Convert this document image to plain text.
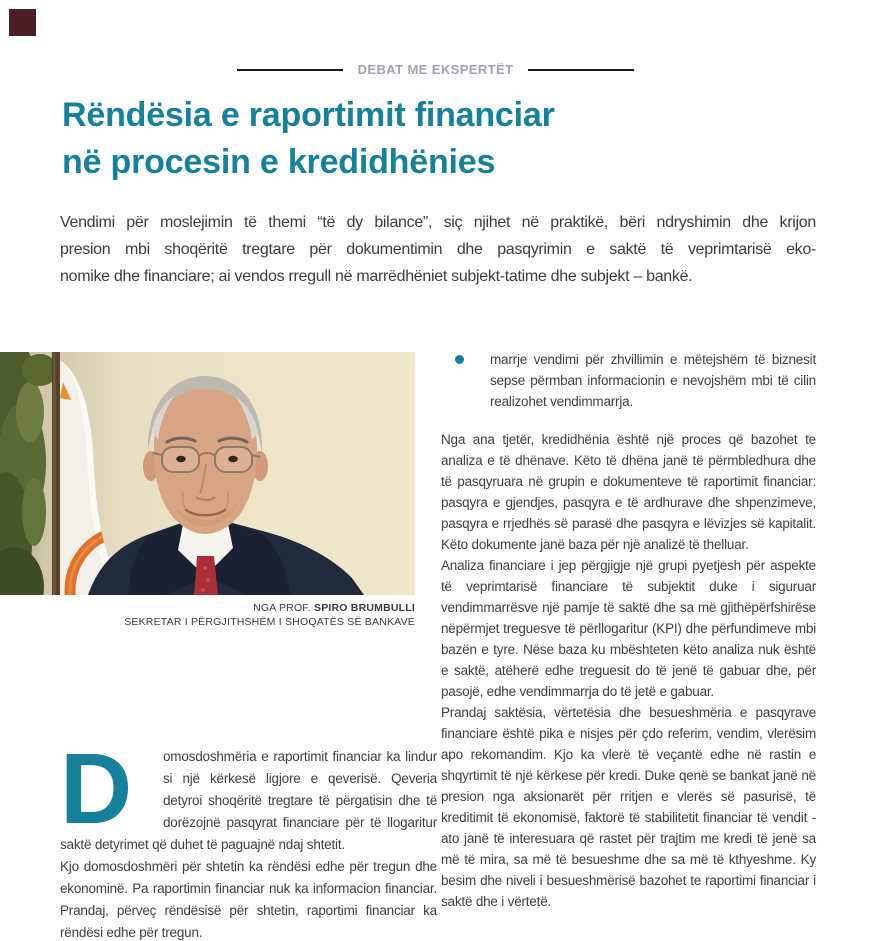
DEBAT ME EKSPERTËT
Rëndësia e raportimit financiar
në procesin e kredidhënies
Vendimi për moslejimin të themi “të dy bilance”, siç njihet në praktikë, bëri ndryshimin dhe krijon
presion mbi shoqëritë tregtare për dokumentimin dhe pasqyrimin e saktë të veprimtarisë eko-
nomike dhe financiare; ai vendos rregull në marrëdhëniet subjekt-tatime dhe subjekt – bankë.
NGA PROF. SPIRO BRUMBULLI
SEKRETAR I PËRGJITHSHËM I SHOQATËS SË BANKAVE

marrje vendimi për zhvillimin e mëtejshëm të biznesit sepse përmban informacionin e nevojshëm mbi të cilin realizohet vendimmarrja.

Nga ana tjetër, kredidhënia është një proces që bazohet te analiza e të dhënave. Këto të dhëna janë të përmbledhura dhe të pasqyruara në grupin e dokumenteve të raportimit financiar: pasqyra e gjendjes, pasqyra e të ardhurave dhe shpenzimeve, pasqyra e rrjedhës së parasë dhe pasqyra e lëvizjes së kapitalit. Këto dokumente janë baza për një analizë të thelluar.

Analiza financiare i jep përgjigje një grupi pyetjesh për aspekte të veprimtarisë financiare të subjektit duke i siguruar vendimmarrësve një pamje të saktë dhe sa më gjithëpërfshirëse nëpërmjet treguesve të përllogaritur (KPI) dhe përfundimeve mbi bazën e tyre. Nëse baza ku mbështeten këto analiza nuk është e saktë, atëherë edhe treguesit do të jenë të gabuar dhe, për pasojë, edhe vendimmarrja do të jetë e gabuar.

Prandaj saktësia, vërtetësia dhe besueshmëria e pasqyrave financiare është pika e nisjes për çdo referim, vendim, vlerësim apo rekomandim. Kjo ka vlerë të veçantë edhe në rastin e shqyrtimit të një kërkese për kredi. Duke qenë se bankat janë në presion nga aksionarët për rritjen e vlerës së pasurisë, të kreditimit të ekonomisë, faktorë të stabilitetit financiar të vendit - ato janë të interesuara që rastet për trajtim me kredi të jenë sa më të mira, sa më të besueshme dhe sa më të kthyeshme. Ky besim dhe niveli i besueshmërisë bazohet te raportimi financiar i saktë dhe i vërtetë.

D	omosdoshmëria e raportimit financiar ka lindur si një kërkesë ligjore e qeverisë. Qeveria detyroi shoqëritë tregtare të përgatisin dhe të dorëzojnë pasqyrat financiare për të llogaritur saktë detyrimet që duhet të paguajnë ndaj shtetit.

Kjo domosdoshmëri për shtetin ka rëndësi edhe për tregun dhe ekonominë. Pa raportimin financiar nuk ka informacion financiar. Prandaj, përveç rëndësisë për shtetin, raportimi financiar ka rëndësi edhe për tregun.
